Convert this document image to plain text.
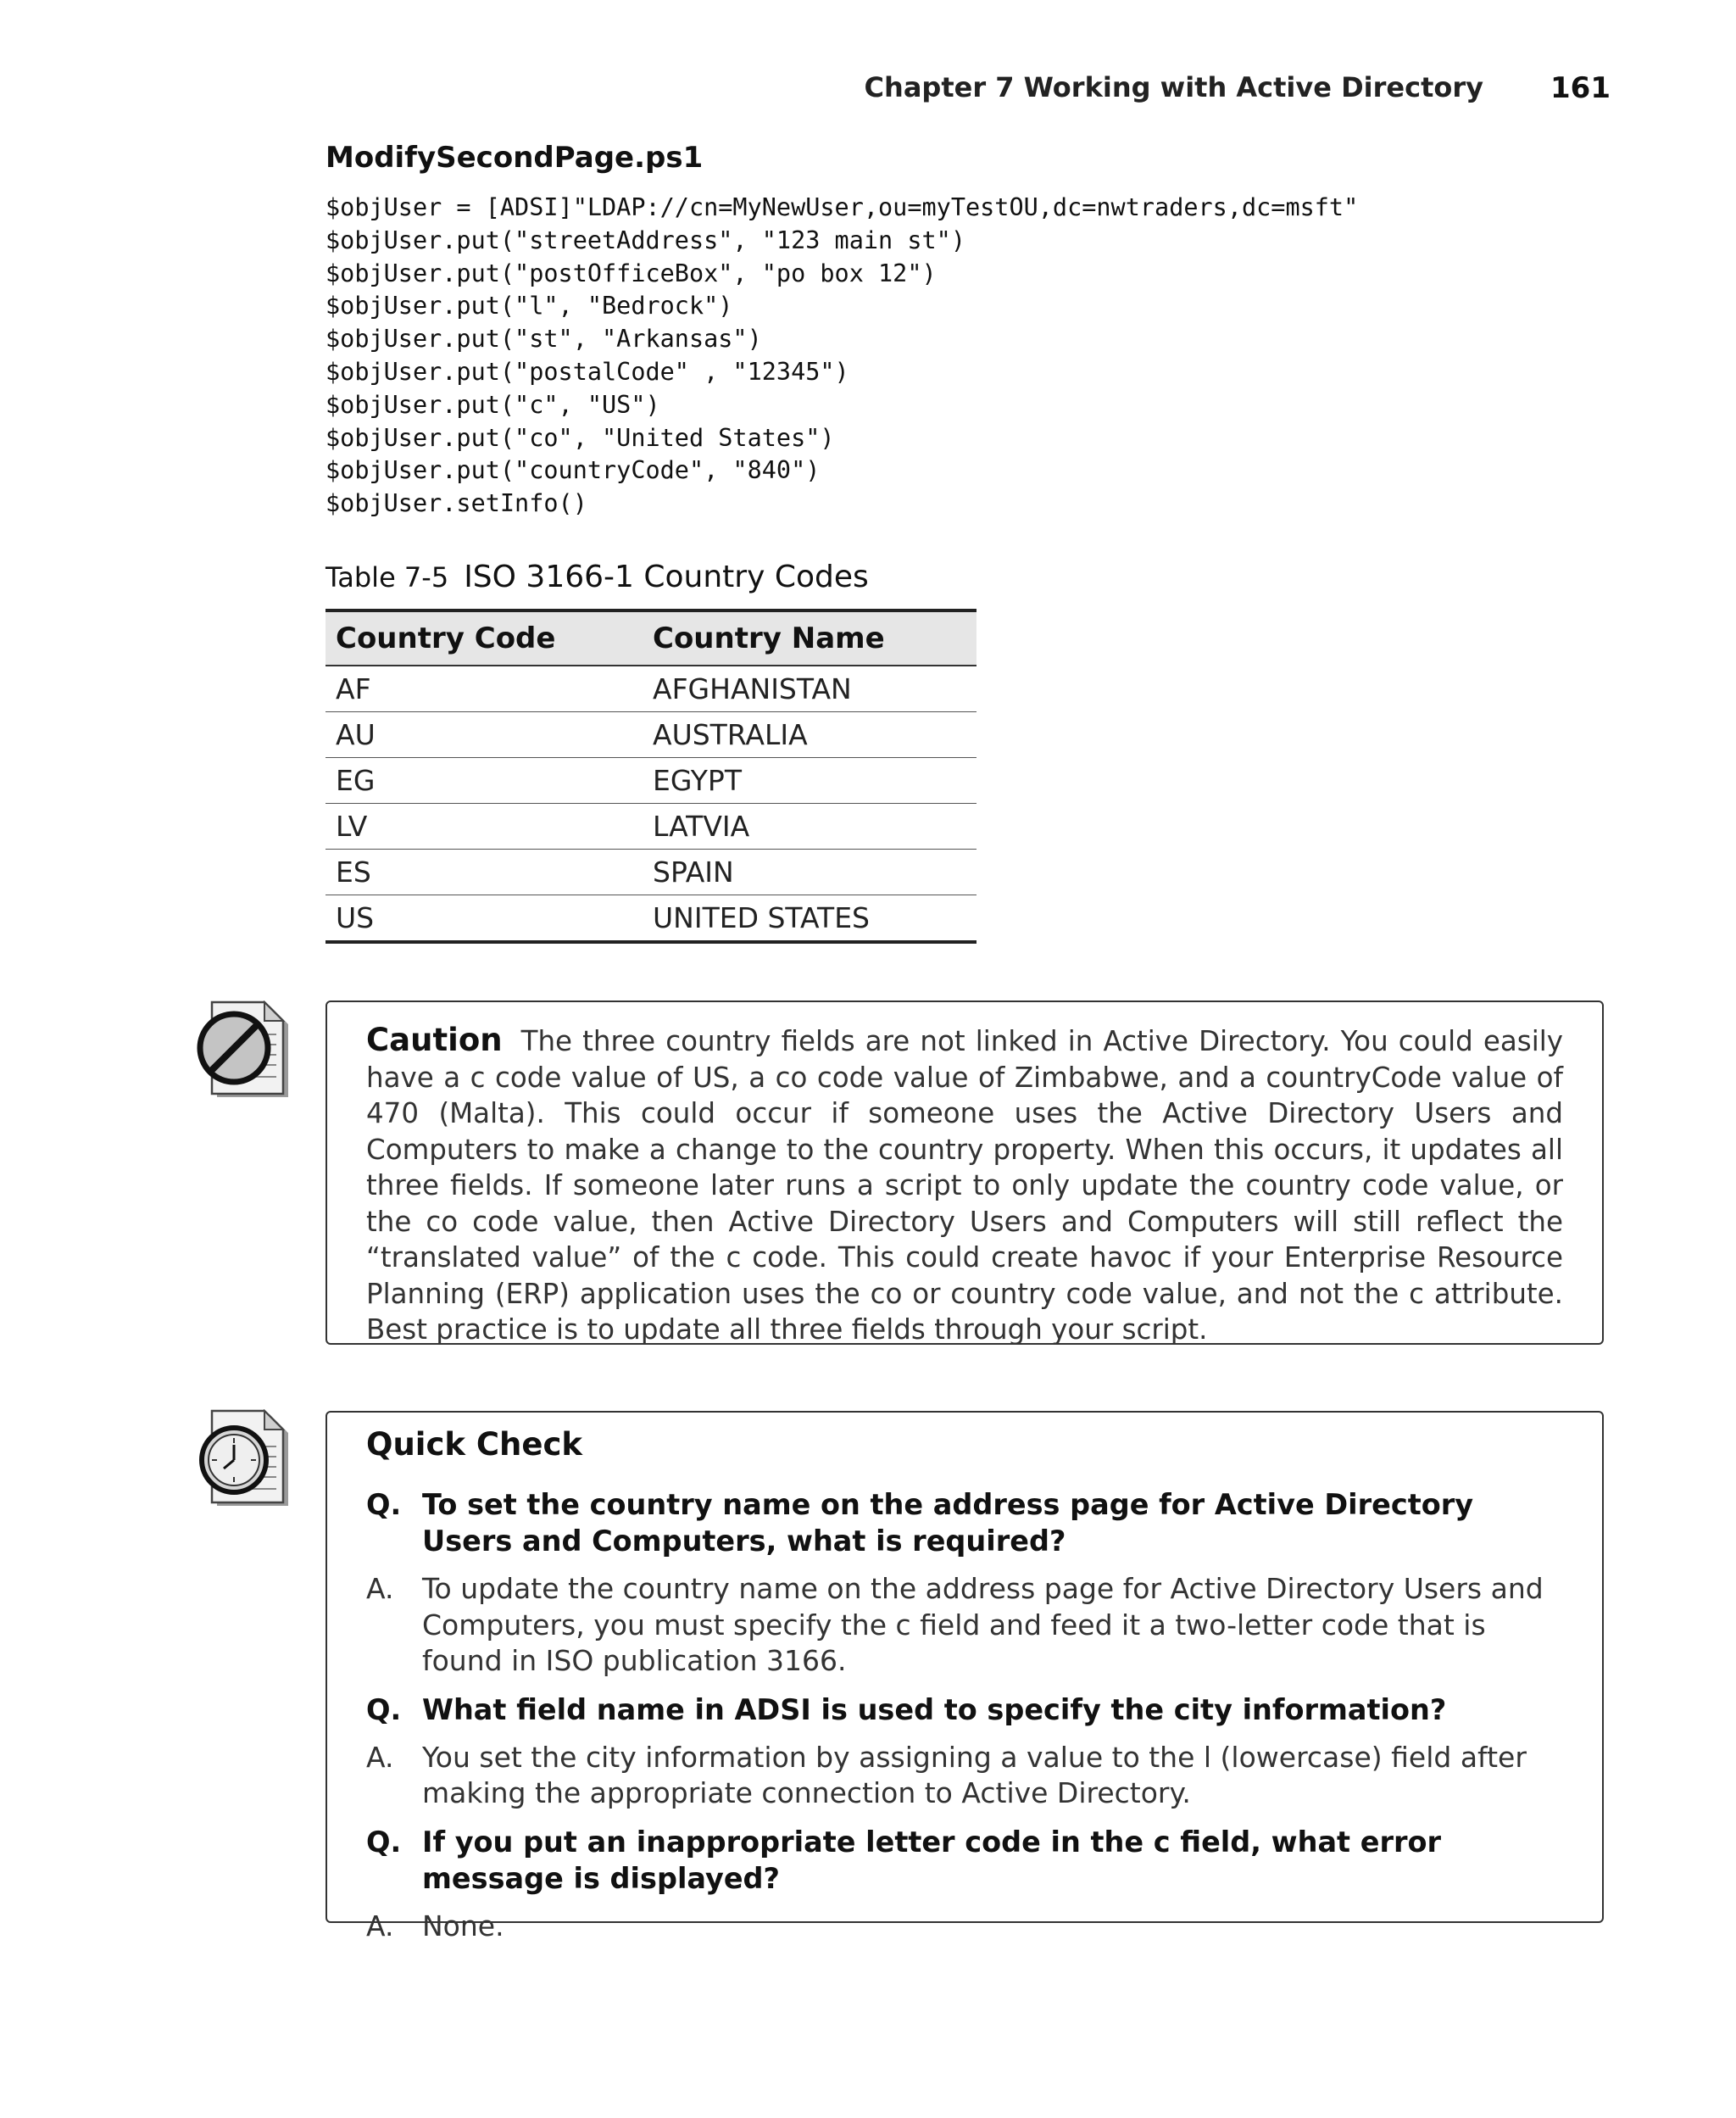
Chapter 7 Working with Active Directory 161
ModifySecondPage.ps1
$objUser = [ADSI]"LDAP://cn=MyNewUser,ou=myTestOU,dc=nwtraders,dc=msft"
$objUser.put("streetAddress", "123 main st")
$objUser.put("postOfficeBox", "po box 12")
$objUser.put("l", "Bedrock")
$objUser.put("st", "Arkansas")
$objUser.put("postalCode" , "12345")
$objUser.put("c", "US")
$objUser.put("co", "United States")
$objUser.put("countryCode", "840")
$objUser.setInfo()
Table 7-5 ISO 3166-1 Country Codes
Country Code	Country Name
AF	AFGHANISTAN
AU	AUSTRALIA
EG	EGYPT
LV	LATVIA
ES	SPAIN
US	UNITED STATES
Caution The three country fields are not linked in Active Directory. You could easily have a c code value of US, a co code value of Zimbabwe, and a countryCode value of 470 (Malta). This could occur if someone uses the Active Directory Users and Computers to make a change to the country property. When this occurs, it updates all three fields. If someone later runs a script to only update the country code value, or the co code value, then Active Directory Users and Computers will still reflect the “translated value” of the c code. This could create havoc if your Enterprise Resource Planning (ERP) application uses the co or country code value, and not the c attribute. Best practice is to update all three fields through your script.
Quick Check
Q. To set the country name on the address page for Active Directory Users and Computers, what is required?
A.	To update the country name on the address page for Active Directory Users and Computers, you must specify the c field and feed it a two-letter code that is found in ISO publication 3166.
Q. What field name in ADSI is used to specify the city information?
A.	You set the city information by assigning a value to the l (lowercase) field after making the appropriate connection to Active Directory.
Q. If you put an inappropriate letter code in the c field, what error message is displayed?
A.	None.
